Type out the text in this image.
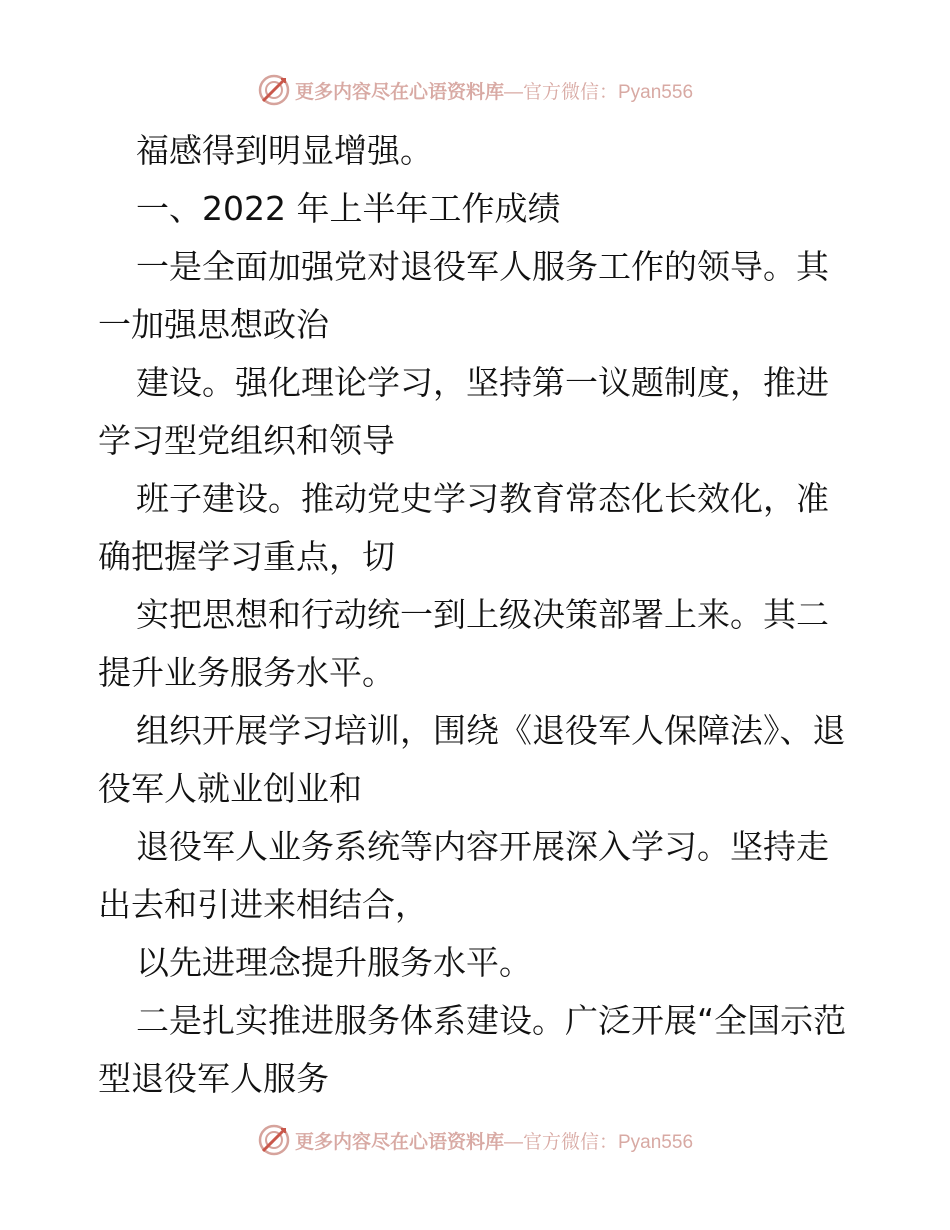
更多内容尽在心语资料库 —官方微信：Pyan556

福感得到明显增强。

一、2022 年上半年工作成绩

一是全面加强党对退役军人服务工作的领导。其一加强思想政治

建设。强化理论学习，坚持第一议题制度，推进学习型党组织和领导

班子建设。推动党史学习教育常态化长效化，准确把握学习重点，切

实把思想和行动统一到上级决策部署上来。其二提升业务服务水平。

组织开展学习培训，围绕《退役军人保障法》、退役军人就业创业和

退役军人业务系统等内容开展深入学习。坚持走出去和引进来相结合，

以先进理念提升服务水平。

二是扎实推进服务体系建设。广泛开展“全国示范型退役军人服务

更多内容尽在心语资料库 —官方微信：Pyan556
